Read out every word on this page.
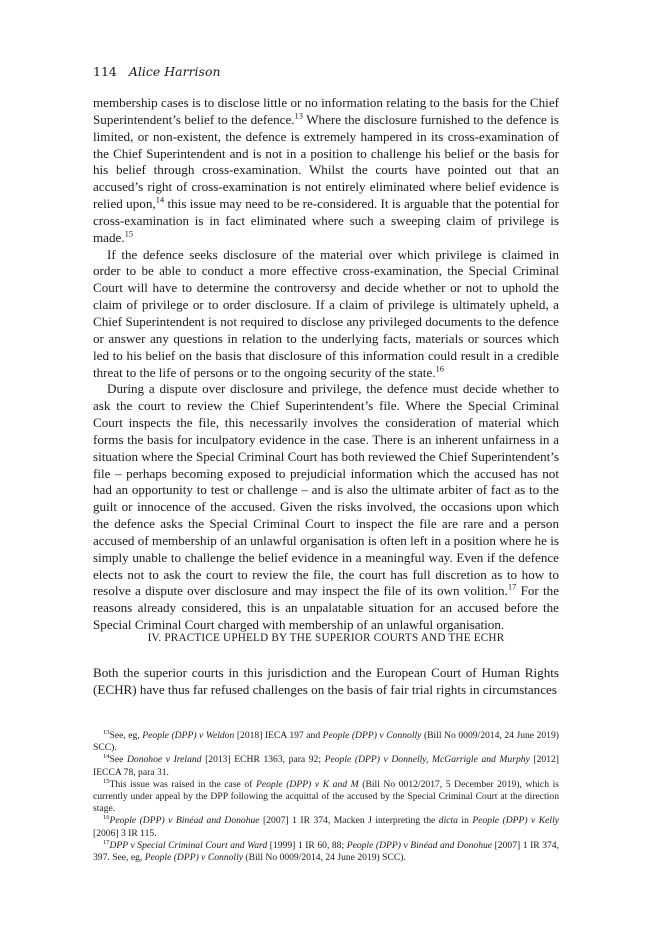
114 Alice Harrison

membership cases is to disclose little or no information relating to the basis for the Chief Superintendent’s belief to the defence.$^{13}$ Where the disclosure furnished to the defence is limited, or non-existent, the defence is extremely hampered in its cross-examination of the Chief Superintendent and is not in a position to challenge his belief or the basis for his belief through cross-examination. Whilst the courts have pointed out that an accused’s right of cross-examination is not entirely eliminated where belief evidence is relied upon,$^{14}$ this issue may need to be re-considered. It is arguable that the potential for cross-examination is in fact eliminated where such a sweeping claim of privilege is made.$^{15}$

If the defence seeks disclosure of the material over which privilege is claimed in order to be able to conduct a more effective cross-examination, the Special Criminal Court will have to determine the controversy and decide whether or not to uphold the claim of privilege or to order disclosure. If a claim of privilege is ultimately upheld, a Chief Superintendent is not required to disclose any privileged documents to the defence or answer any questions in relation to the underlying facts, materials or sources which led to his belief on the basis that disclosure of this information could result in a credible threat to the life of persons or to the ongoing security of the state.$^{16}$

During a dispute over disclosure and privilege, the defence must decide whether to ask the court to review the Chief Superintendent’s file. Where the Special Criminal Court inspects the file, this necessarily involves the consideration of material which forms the basis for inculpatory evidence in the case. There is an inherent unfairness in a situation where the Special Criminal Court has both reviewed the Chief Superintendent’s file – perhaps becoming exposed to prejudicial information which the accused has not had an opportunity to test or challenge – and is also the ultimate arbiter of fact as to the guilt or innocence of the accused. Given the risks involved, the occasions upon which the defence asks the Special Criminal Court to inspect the file are rare and a person accused of membership of an unlawful organisation is often left in a position where he is simply unable to challenge the belief evidence in a meaningful way. Even if the defence elects not to ask the court to review the file, the court has full discretion as to how to resolve a dispute over disclosure and may inspect the file of its own volition.$^{17}$ For the reasons already considered, this is an unpalatable situation for an accused before the Special Criminal Court charged with membership of an unlawful organisation.

IV. PRACTICE UPHELD BY THE SUPERIOR COURTS AND THE ECHR
Both the superior courts in this jurisdiction and the European Court of Human Rights (ECHR) have thus far refused challenges on the basis of fair trial rights in circumstances

$^{13}$See, eg, People (DPP) v Weldon [2018] IECA 197 and People (DPP) v Connolly (Bill No 0009/2014, 24 June 2019) SCC).

$^{14}$See Donohoe v Ireland [2013] ECHR 1363, para 92; People (DPP) v Donnelly, McGarrigle and Murphy [2012] IECCA 78, para 31.

$^{15}$This issue was raised in the case of People (DPP) v K and M (Bill No 0012/2017, 5 December 2019), which is currently under appeal by the DPP following the acquittal of the accused by the Special Criminal Court at the direction stage.

$^{16}$People (DPP) v Binéad and Donohue [2007] 1 IR 374, Macken J interpreting the dicta in People (DPP) v Kelly [2006] 3 IR 115.

$^{17}$DPP v Special Criminal Court and Ward [1999] 1 IR 60, 88; People (DPP) v Binéad and Donohue [2007] 1 IR 374, 397. See, eg, People (DPP) v Connolly (Bill No 0009/2014, 24 June 2019) SCC).
